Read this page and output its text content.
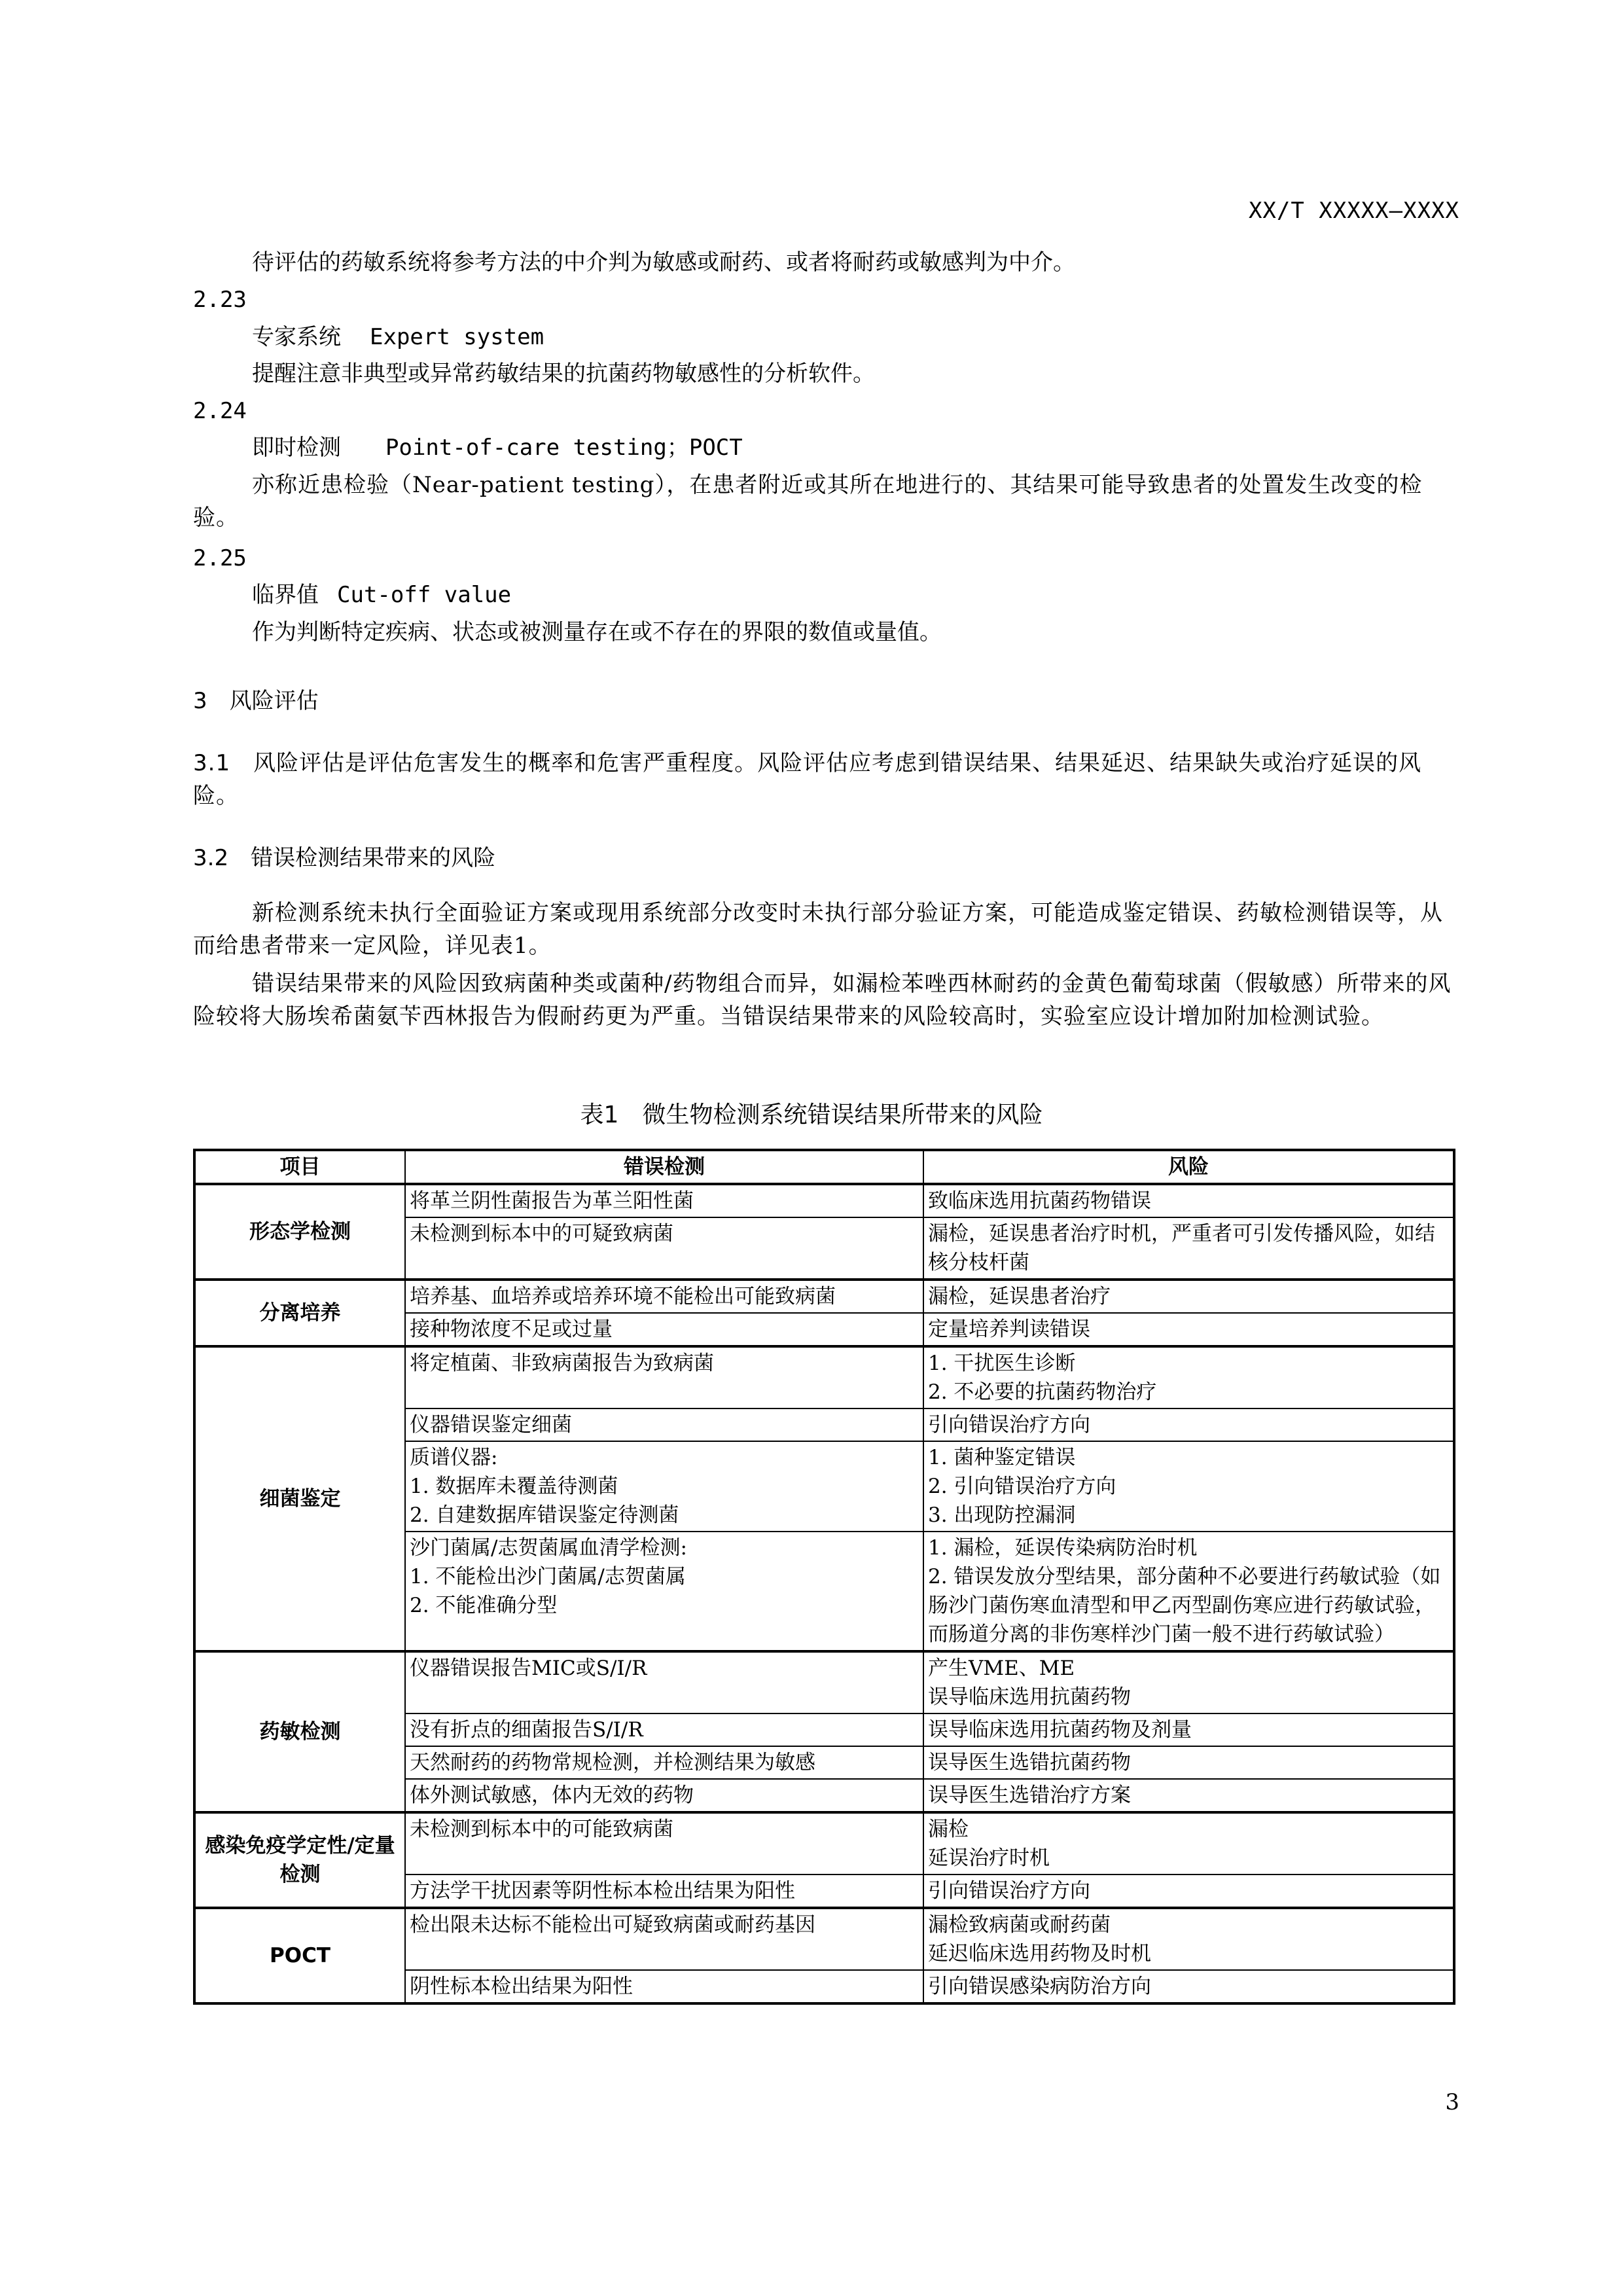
XX/T XXXXX—XXXX
待评估的药敏系统将参考方法的中介判为敏感或耐药、或者将耐药或敏感判为中介。
2.23
专家系统 Expert system
提醒注意非典型或异常药敏结果的抗菌药物敏感性的分析软件。
2.24
即时检测 Point-of-care testing；POCT
亦称近患检验（Near-patient testing），在患者附近或其所在地进行的、其结果可能导致患者的处置发生改变的检验。
2.25
临界值 Cut-off value
作为判断特定疾病、状态或被测量存在或不存在的界限的数值或量值。
3　风险评估
3.1　风险评估是评估危害发生的概率和危害严重程度。风险评估应考虑到错误结果、结果延迟、结果缺失或治疗延误的风险。
3.2　错误检测结果带来的风险
新检测系统未执行全面验证方案或现用系统部分改变时未执行部分验证方案，可能造成鉴定错误、药敏检测错误等，从而给患者带来一定风险，详见表1。
错误结果带来的风险因致病菌种类或菌种/药物组合而异，如漏检苯唑西林耐药的金黄色葡萄球菌（假敏感）所带来的风险较将大肠埃希菌氨苄西林报告为假耐药更为严重。当错误结果带来的风险较高时，实验室应设计增加附加检测试验。
表1　微生物检测系统错误结果所带来的风险
项目	错误检测	风险
形态学检测	将革兰阴性菌报告为革兰阳性菌	致临床选用抗菌药物错误

	未检测到标本中的可疑致病菌	漏检，延误患者治疗时机，严重者可引发传播风险，如结核分枝杆菌

分离培养	培养基、血培养或培养环境不能检出可能致病菌	漏检，延误患者治疗

	接种物浓度不足或过量	定量培养判读错误

细菌鉴定	将定植菌、非致病菌报告为致病菌	1. 干扰医生诊断
2. 不必要的抗菌药物治疗

	仪器错误鉴定细菌	引向错误治疗方向

	质谱仪器:
1. 数据库未覆盖待测菌
2. 自建数据库错误鉴定待测菌	1. 菌种鉴定错误
2. 引向错误治疗方向
3. 出现防控漏洞

	沙门菌属/志贺菌属血清学检测:
1. 不能检出沙门菌属/志贺菌属
2. 不能准确分型	1. 漏检，延误传染病防治时机
2. 错误发放分型结果，部分菌种不必要进行药敏试验（如肠沙门菌伤寒血清型和甲乙丙型副伤寒应进行药敏试验，而肠道分离的非伤寒样沙门菌一般不进行药敏试验）

药敏检测	仪器错误报告MIC或S/I/R	产生VME、ME
误导临床选用抗菌药物

	没有折点的细菌报告S/I/R	误导临床选用抗菌药物及剂量

	天然耐药的药物常规检测，并检测结果为敏感	误导医生选错抗菌药物

	体外测试敏感，体内无效的药物	误导医生选错治疗方案

感染免疫学定性/定量检测	未检测到标本中的可能致病菌	漏检
延误治疗时机

	方法学干扰因素等阴性标本检出结果为阳性	引向错误治疗方向

POCT	检出限未达标不能检出可疑致病菌或耐药基因	漏检致病菌或耐药菌
延迟临床选用药物及时机

	阴性标本检出结果为阳性	引向错误感染病防治方向
3
